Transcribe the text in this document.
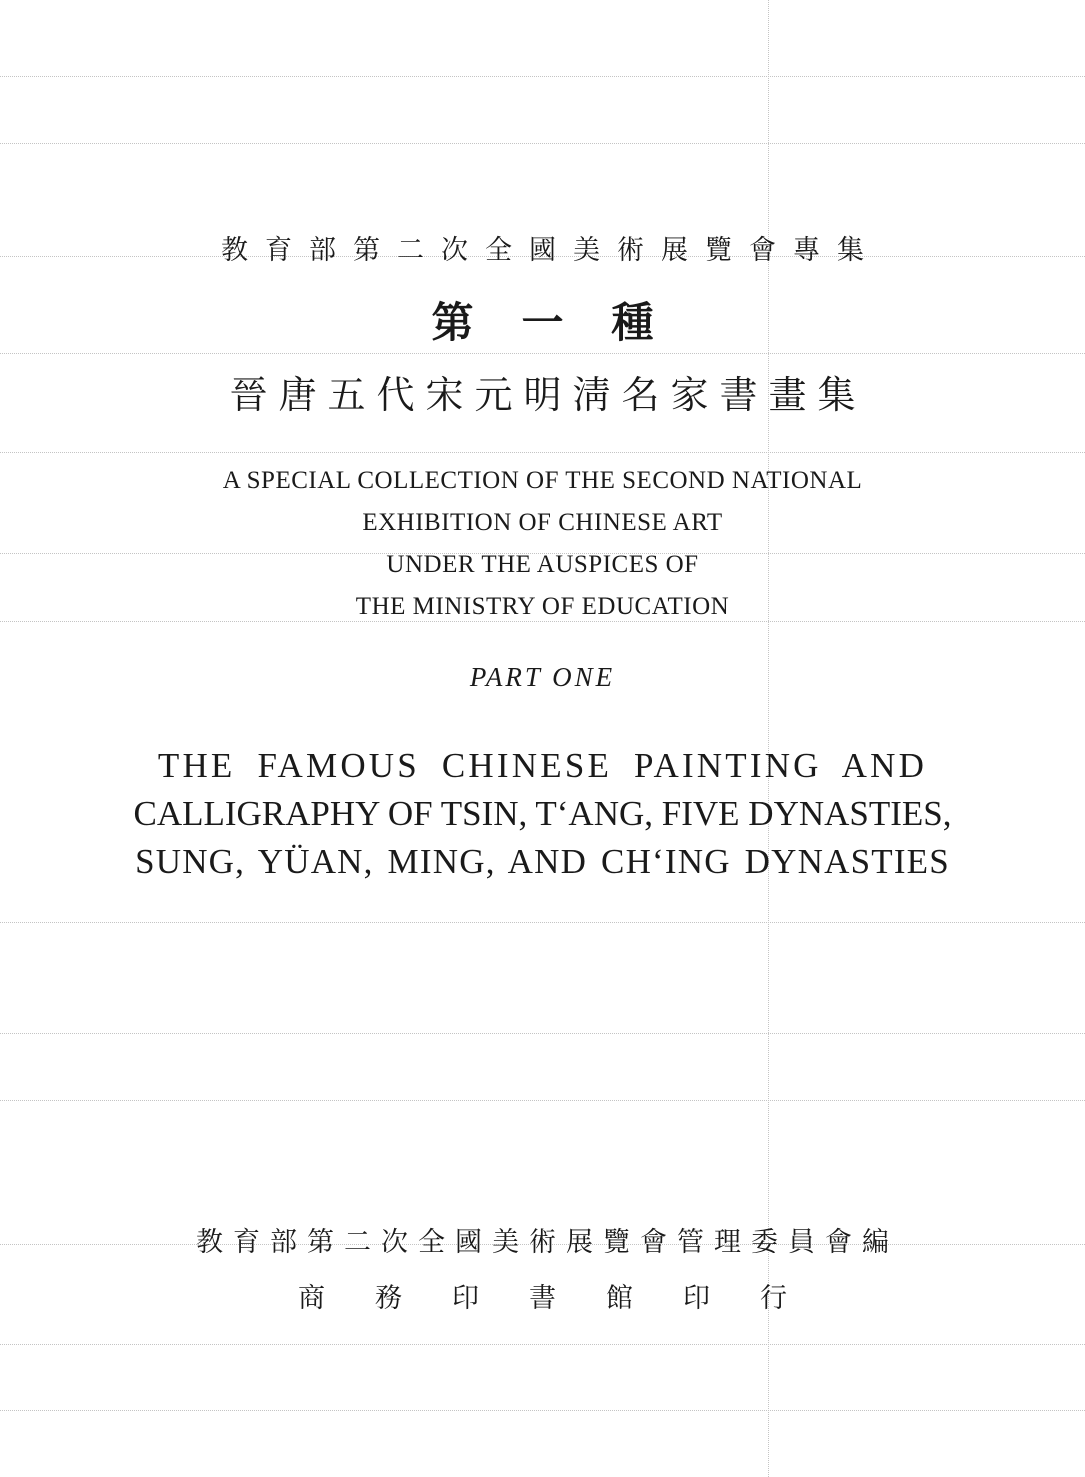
教育部第二次全國美術展覽會專集
第一種
晉唐五代宋元明淸名家書畫集
A SPECIAL COLLECTION OF THE SECOND NATIONAL
EXHIBITION OF CHINESE ART
UNDER THE AUSPICES OF
THE MINISTRY OF EDUCATION
PART ONE
THE FAMOUS CHINESE PAINTING AND
CALLIGRAPHY OF TSIN, T‘ANG, FIVE DYNASTIES,
SUNG, YÜAN, MING, AND CH‘ING DYNASTIES
教育部第二次全國美術展覽會管理委員會編
商務印書館印行
